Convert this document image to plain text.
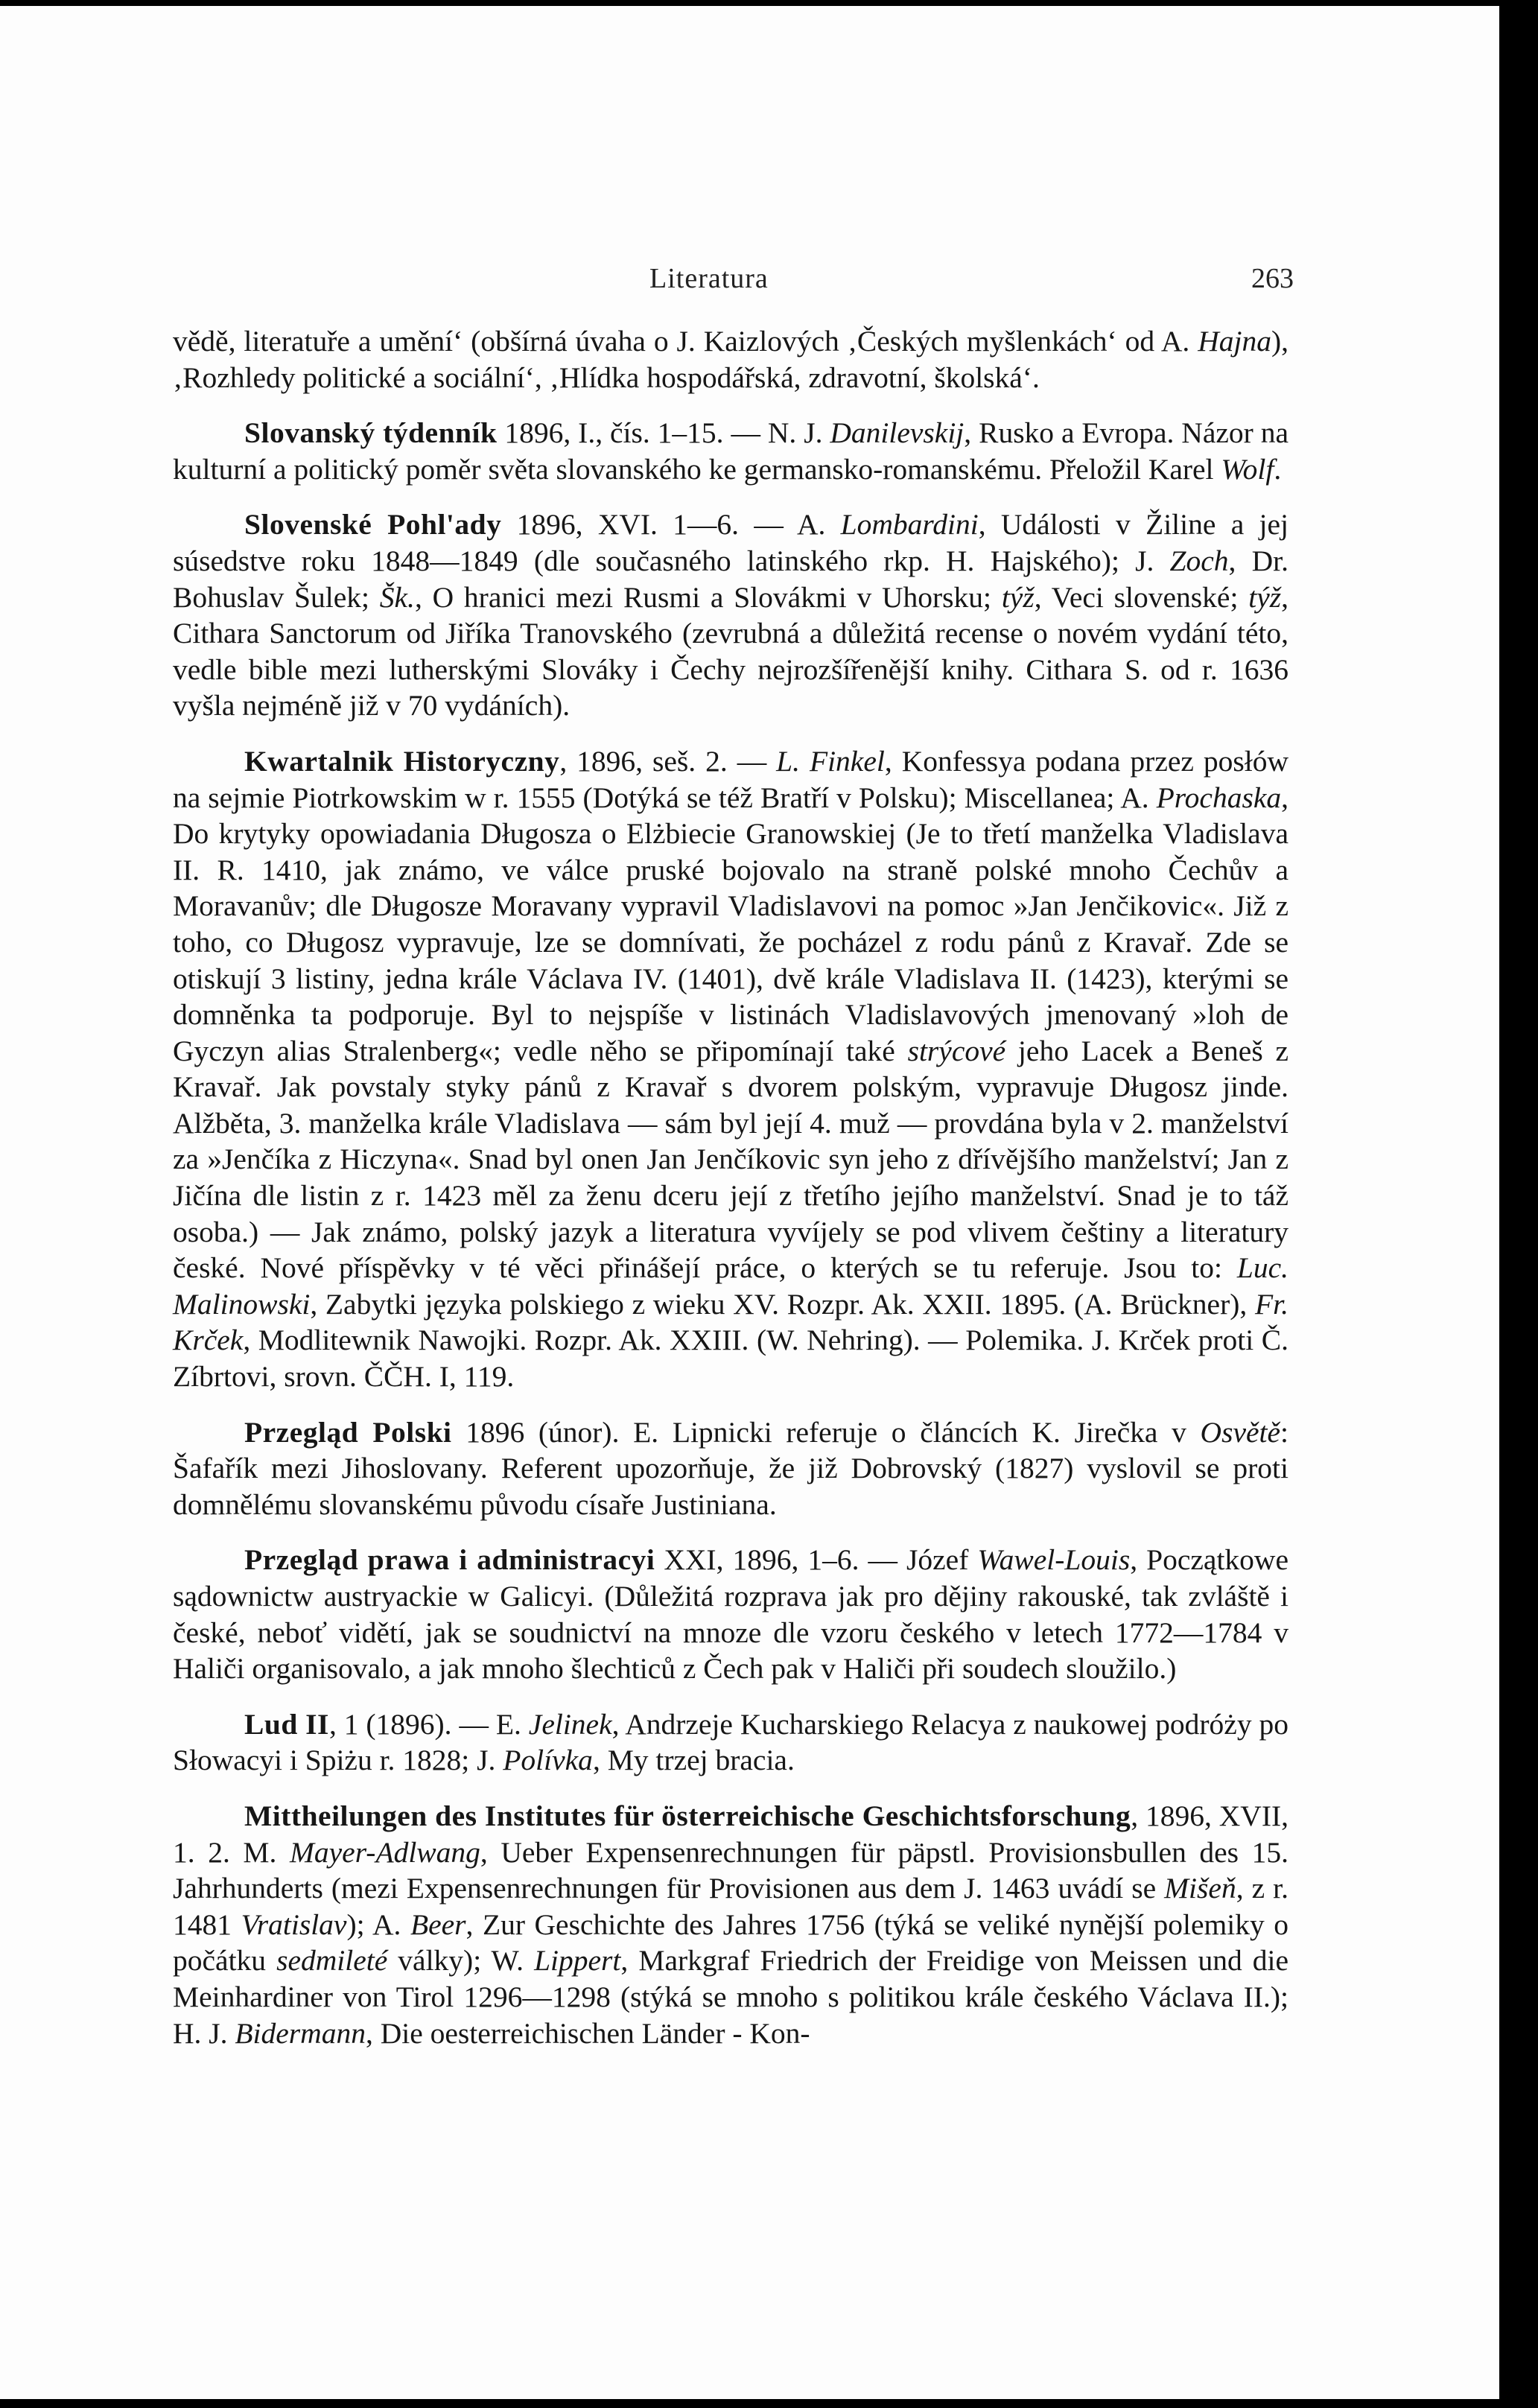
Literatura	263

vědě, literatuře a umění‘ (obšírná úvaha o J. Kaizlových ‚Českých myšlenkách‘ od A. Hajna), ‚Rozhledy politické a sociální‘, ‚Hlídka hospodářská, zdravotní, školská‘.

Slovanský týdenník 1896, I., čís. 1–15. — N. J. Danilevskij, Rusko a Evropa. Názor na kulturní a politický poměr světa slovanského ke germansko-romanskému. Přeložil Karel Wolf.

Slovenské Pohl'ady 1896, XVI. 1—6. — A. Lombardini, Události v Žiline a jej súsedstve roku 1848—1849 (dle současného latinského rkp. H. Hajského); J. Zoch, Dr. Bohuslav Šulek; Šk., O hranici mezi Rusmi a Slovákmi v Uhorsku; týž, Veci slovenské; týž, Cithara Sanctorum od Jiříka Tranovského (zevrubná a důležitá recense o novém vydání této, vedle bible mezi lutherskými Slováky i Čechy nejrozšířenější knihy. Cithara S. od r. 1636 vyšla nejméně již v 70 vydáních).

Kwartalnik Historyczny, 1896, seš. 2. — L. Finkel, Konfessya podana przez posłów na sejmie Piotrkowskim w r. 1555 (Dotýká se též Bratří v Polsku); Miscellanea; A. Prochaska, Do krytyky opowiadania Długosza o Elżbiecie Granowskiej (Je to třetí manželka Vladislava II. R. 1410, jak známo, ve válce pruské bojovalo na straně polské mnoho Čechův a Moravanův; dle Długosze Moravany vypravil Vladislavovi na pomoc »Jan Jenčikovic«. Již z toho, co Długosz vypravuje, lze se domnívati, že pocházel z rodu pánů z Kravař. Zde se otiskují 3 listiny, jedna krále Václava IV. (1401), dvě krále Vladislava II. (1423), kterými se domněnka ta podporuje. Byl to nejspíše v listinách Vladislavových jmenovaný »loh de Gyczyn alias Stralenberg«; vedle něho se připomínají také strýcové jeho Lacek a Beneš z Kravař. Jak povstaly styky pánů z Kravař s dvorem polským, vypravuje Długosz jinde. Alžběta, 3. manželka krále Vladislava — sám byl její 4. muž — provdána byla v 2. manželství za »Jenčíka z Hiczyna«. Snad byl onen Jan Jenčíkovic syn jeho z dřívějšího manželství; Jan z Jičína dle listin z r. 1423 měl za ženu dceru její z třetího jejího manželství. Snad je to táž osoba.) — Jak známo, polský jazyk a literatura vyvíjely se pod vlivem češtiny a literatury české. Nové příspěvky v té věci přinášejí práce, o kterých se tu referuje. Jsou to: Luc. Malinowski, Zabytki języka polskiego z wieku XV. Rozpr. Ak. XXII. 1895. (A. Brückner), Fr. Krček, Modlitewnik Nawojki. Rozpr. Ak. XXIII. (W. Nehring). — Polemika. J. Krček proti Č. Zíbrtovi, srovn. ČČH. I, 119.

Przegląd Polski 1896 (únor). E. Lipnicki referuje o článcích K. Jirečka v Osvětě: Šafařík mezi Jihoslovany. Referent upozorňuje, že již Dobrovský (1827) vyslovil se proti domnělému slovanskému původu císaře Justiniana.

Przegląd prawa i administracyi XXI, 1896, 1–6. — Józef Wawel-Louis, Początkowe sądownictw austryackie w Galicyi. (Důležitá rozprava jak pro dějiny rakouské, tak zvláště i české, neboť vidětí, jak se soudnictví na mnoze dle vzoru českého v letech 1772—1784 v Haliči organisovalo, a jak mnoho šlechticů z Čech pak v Haliči při soudech sloužilo.)

Lud II, 1 (1896). — E. Jelinek, Andrzeje Kucharskiego Relacya z naukowej podróży po Słowacyi i Spiżu r. 1828; J. Polívka, My trzej bracia.

Mittheilungen des Institutes für österreichische Geschichtsforschung, 1896, XVII, 1. 2. M. Mayer-Adlwang, Ueber Expensenrechnungen für päpstl. Provisionsbullen des 15. Jahrhunderts (mezi Expensenrechnungen für Provisionen aus dem J. 1463 uvádí se Mišeň, z r. 1481 Vratislav); A. Beer, Zur Geschichte des Jahres 1756 (týká se veliké nynější polemiky o počátku sedmileté války); W. Lippert, Markgraf Friedrich der Freidige von Meissen und die Meinhardiner von Tirol 1296—1298 (stýká se mnoho s politikou krále českého Václava II.); H. J. Bidermann, Die oesterreichischen Länder - Kon-
